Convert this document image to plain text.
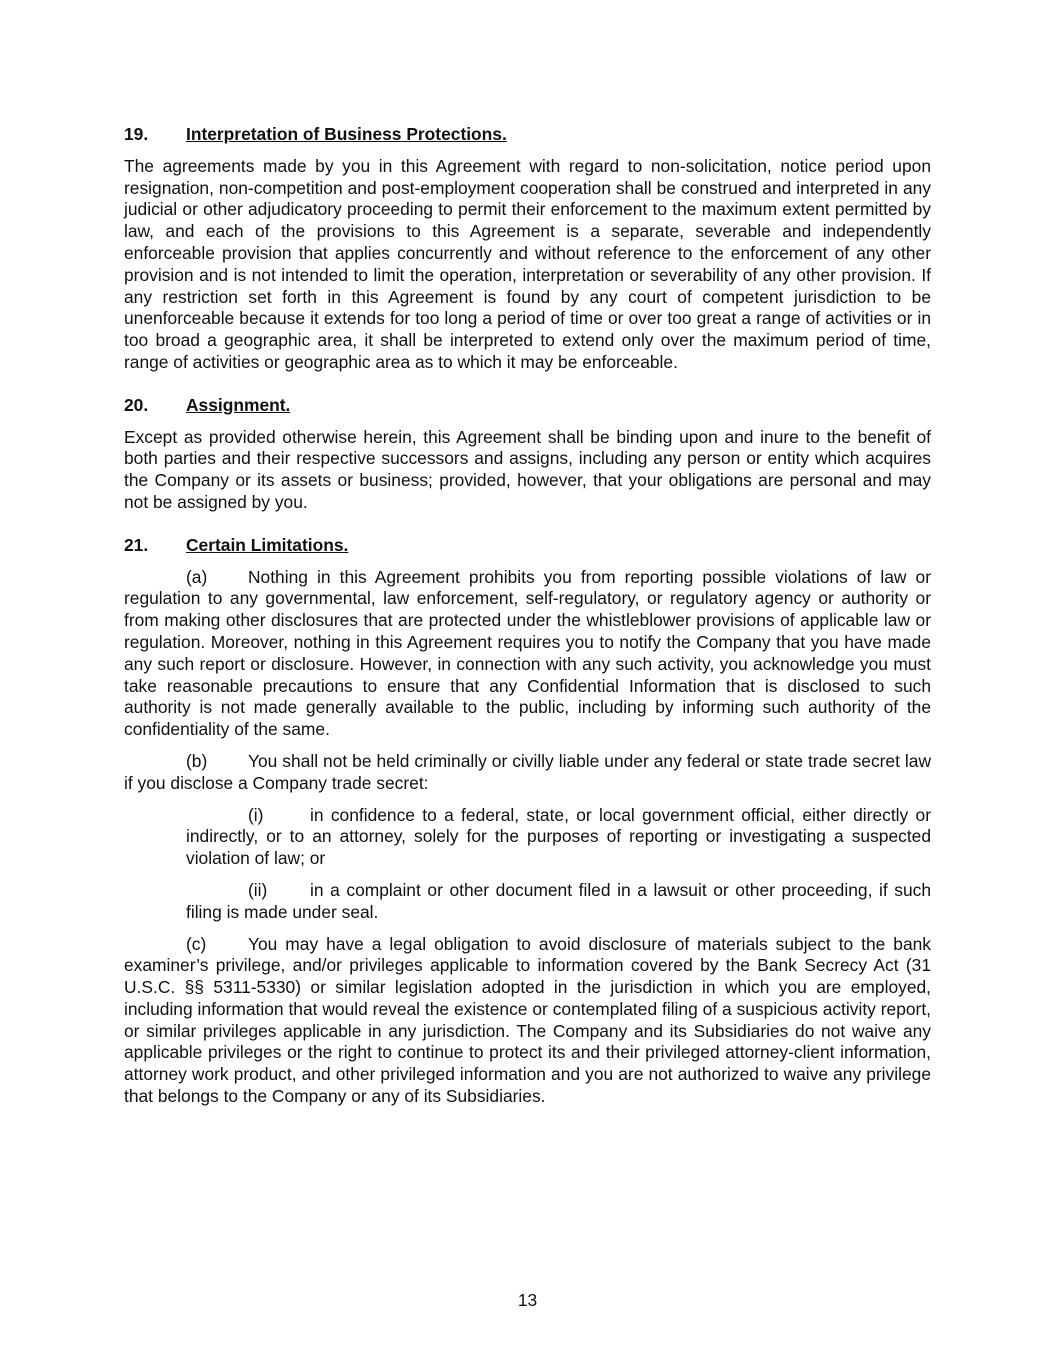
19. Interpretation of Business Protections.

The agreements made by you in this Agreement with regard to non-solicitation, notice period upon resignation, non-competition and post-employment cooperation shall be construed and interpreted in any judicial or other adjudicatory proceeding to permit their enforcement to the maximum extent permitted by law, and each of the provisions to this Agreement is a separate, severable and independently enforceable provision that applies concurrently and without reference to the enforcement of any other provision and is not intended to limit the operation, interpretation or severability of any other provision. If any restriction set forth in this Agreement is found by any court of competent jurisdiction to be unenforceable because it extends for too long a period of time or over too great a range of activities or in too broad a geographic area, it shall be interpreted to extend only over the maximum period of time, range of activities or geographic area as to which it may be enforceable.

20. Assignment.

Except as provided otherwise herein, this Agreement shall be binding upon and inure to the benefit of both parties and their respective successors and assigns, including any person or entity which acquires the Company or its assets or business; provided, however, that your obligations are personal and may not be assigned by you.

21. Certain Limitations.

(a) Nothing in this Agreement prohibits you from reporting possible violations of law or regulation to any governmental, law enforcement, self-regulatory, or regulatory agency or authority or from making other disclosures that are protected under the whistleblower provisions of applicable law or regulation. Moreover, nothing in this Agreement requires you to notify the Company that you have made any such report or disclosure. However, in connection with any such activity, you acknowledge you must take reasonable precautions to ensure that any Confidential Information that is disclosed to such authority is not made generally available to the public, including by informing such authority of the confidentiality of the same.

(b) You shall not be held criminally or civilly liable under any federal or state trade secret law if you disclose a Company trade secret:

(i)	in confidence to a federal, state, or local government official, either directly or indirectly, or to an attorney, solely for the purposes of reporting or investigating a suspected violation of law; or

(ii) in a complaint or other document filed in a lawsuit or other proceeding, if such filing is made under seal.

(c) You may have a legal obligation to avoid disclosure of materials subject to the bank examiner’s privilege, and/or privileges applicable to information covered by the Bank Secrecy Act (31 U.S.C. §§ 5311-5330) or similar legislation adopted in the jurisdiction in which you are employed, including information that would reveal the existence or contemplated filing of a suspicious activity report, or similar privileges applicable in any jurisdiction. The Company and its Subsidiaries do not waive any applicable privileges or the right to continue to protect its and their privileged attorney-client information, attorney work product, and other privileged information and you are not authorized to waive any privilege that belongs to the Company or any of its Subsidiaries.

13
